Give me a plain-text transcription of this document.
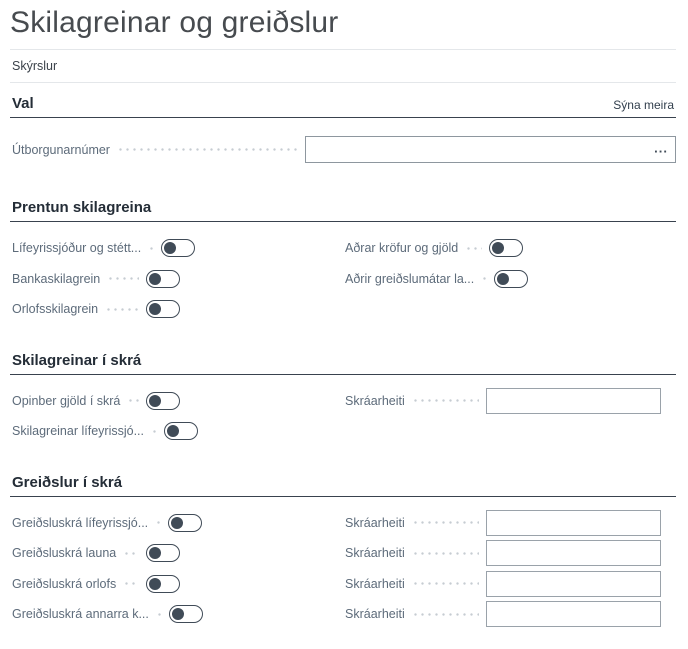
Skilagreinar og greiðslur
Skýrslur
Val	Sýna meira
Útborgunarnúmer	...
Prentun skilagreina
Lífeyrissjóður og stétt...	Aðrar kröfur og gjöld
Bankaskilagrein	Aðrir greiðslumátar la...
Orlofsskilagrein
Skilagreinar í skrá
Opinber gjöld í skrá	Skráarheiti
Skilagreinar lífeyrissjó...
Greiðslur í skrá
Greiðsluskrá lífeyrissjó...	Skráarheiti
Greiðsluskrá launa	Skráarheiti
Greiðsluskrá orlofs	Skráarheiti
Greiðsluskrá annarra k...	Skráarheiti
